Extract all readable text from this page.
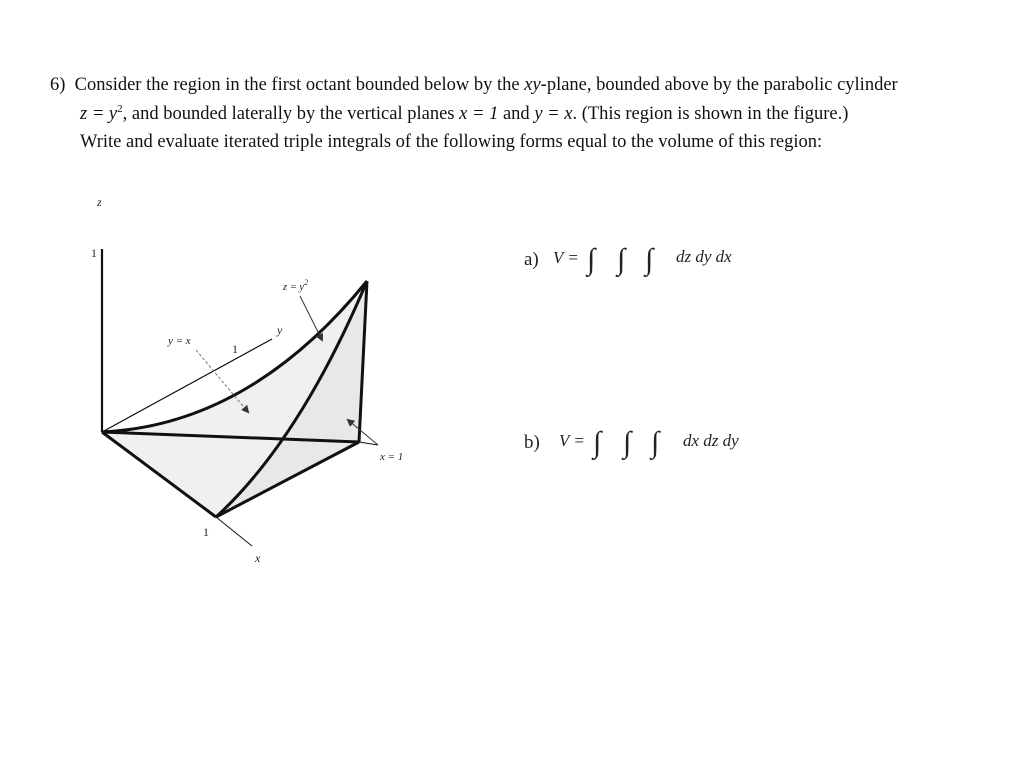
6) Consider the region in the first octant bounded below by the xy-plane, bounded above by the parabolic cylinder
$z = y^2$, and bounded laterally by the vertical planes x = 1 and y = x. (This region is shown in the figure.)
Write and evaluate iterated triple integrals of the following forms equal to the volume of this region:
z
1
$z = y^2$
y
y = x
1
x = 1
1
x
a) V = ∫ ∫ ∫ dz dy dx
b) V = ∫ ∫ ∫ dx dz dy
